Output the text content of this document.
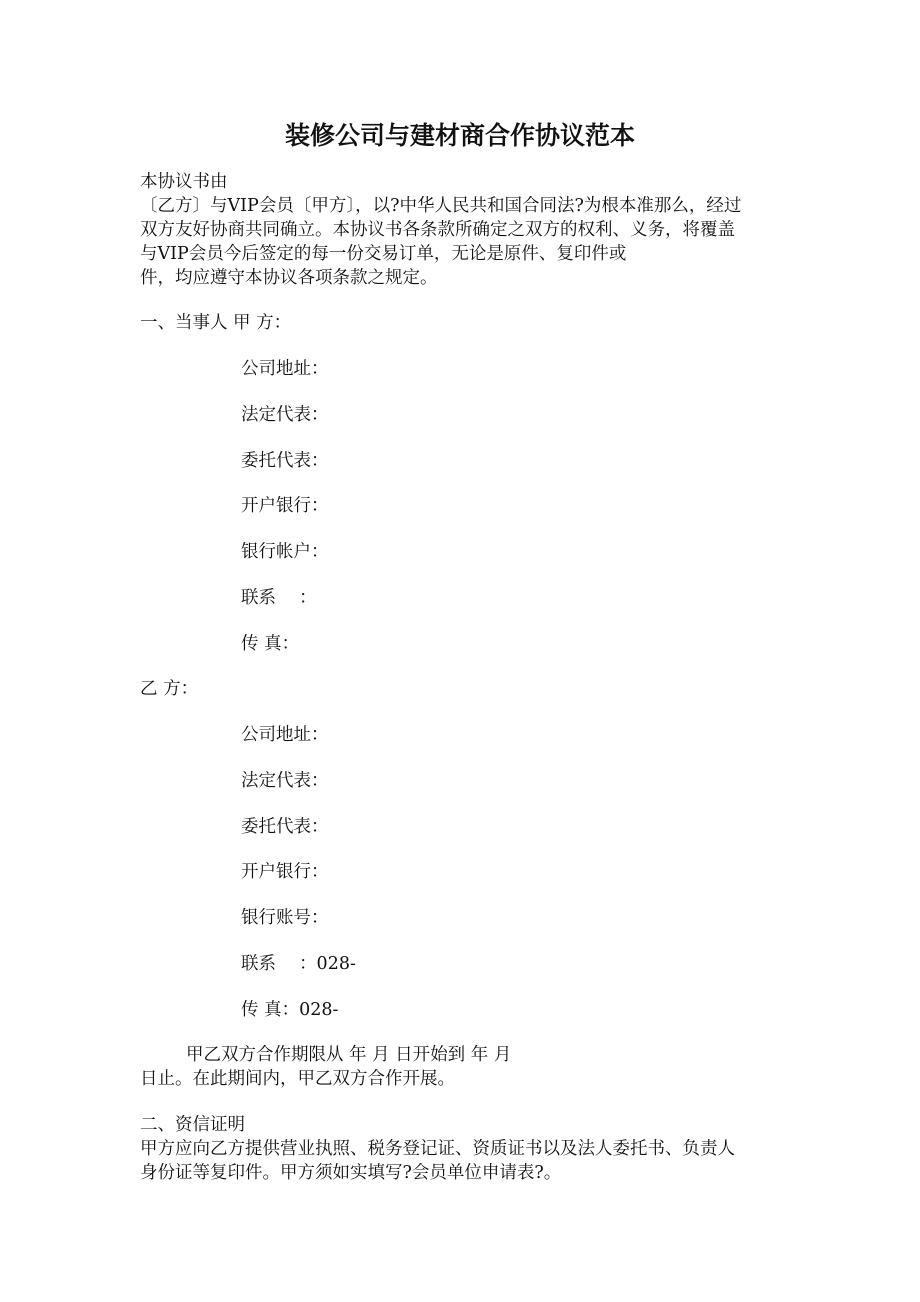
装修公司与建材商合作协议范本
本协议书由
〔乙方〕与VIP会员〔甲方〕，以?中华人民共和国合同法?为根本准那么，经过
双方友好协商共同确立。本协议书各条款所确定之双方的权利、义务，将覆盖
与VIP会员今后签定的每一份交易订单，无论是原件、复印件或
件，均应遵守本协议各项条款之规定。
一、当事人 甲 方：
公司地址：
法定代表：
委托代表：
开户银行：
银行帐户：
联系　 ：
传 真：
乙 方：
公司地址：
法定代表：
委托代表：
开户银行：
银行账号：
联系　 ：028-
传 真：028-
甲乙双方合作期限从 年 月 日开始到 年 月
日止。在此期间内，甲乙双方合作开展。
二、资信证明
甲方应向乙方提供营业执照、税务登记证、资质证书以及法人委托书、负责人
身份证等复印件。甲方须如实填写?会员单位申请表?。
